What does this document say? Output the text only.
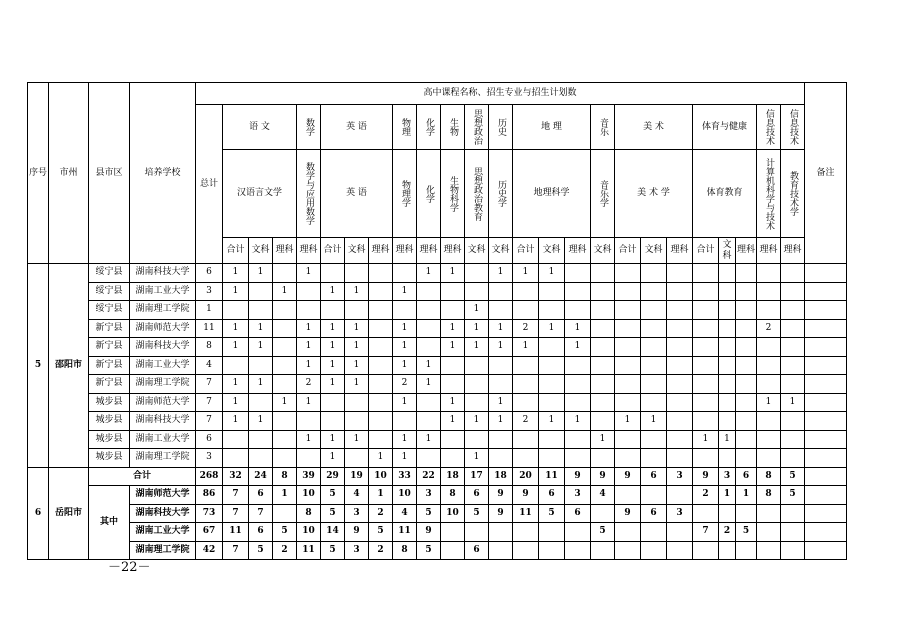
序号	市州	县市区	培养学校	高中课程名称、招生专业与招生计划数																									备注
				总计	语 文			数学	英 语			物理	化学	生物	思想政治	历史	地 理			音乐	美 术			体育与健康			信息技术	信息技术	
					汉语言文学			数学与应用数学	英 语			物理学	化学	生物科学	思想政治教育	历史学	地理科学			音乐学	美 术 学			体育教育			计算机科学与技术	教育技术学	
					合计	文科	理科	理科	合计	文科	理科	理科	理科	理科	文科	文科	合计	文科	理科	文科	合计	文科	理科	合计	文科	理科	理科	理科	
5	邵阳市	绥宁县	湖南科技大学	6	1	1		1					1	1		1	1	1											
		绥宁县	湖南工业大学	3	1		1		1	1		1																	
		绥宁县	湖南理工学院	1											1														
		新宁县	湖南师范大学	11	1	1		1	1	1		1		1	1	1	2	1	1								2		
		新宁县	湖南科技大学	8	1	1		1	1	1		1		1	1	1	1		1										
		新宁县	湖南工业大学	4				1	1	1		1	1																
		新宁县	湖南理工学院	7	1	1		2	1	1		2	1																
		城步县	湖南师范大学	7	1		1	1				1		1		1											1	1	
		城步县	湖南科技大学	7	1	1								1	1	1	2	1	1		1	1							
		城步县	湖南工业大学	6				1	1	1		1	1							1				1	1				
		城步县	湖南理工学院	3					1		1	1			1														
6	岳阳市	合计		268	32	24	8	39	29	19	10	33	22	18	17	18	20	11	9	9	9	6	3	9	3	6	8	5	
		其中	湖南师范大学	86	7	6	1	10	5	4	1	10	3	8	6	9	9	6	3	4				2	1	1	8	5	
			湖南科技大学	73	7	7		8	5	3	2	4	5	10	5	9	11	5	6		9	6	3						
			湖南工业大学	67	11	6	5	10	14	9	5	11	9							5				7	2	5			
			湖南理工学院	42	7	5	2	11	5	3	2	8	5		6														
－22－
